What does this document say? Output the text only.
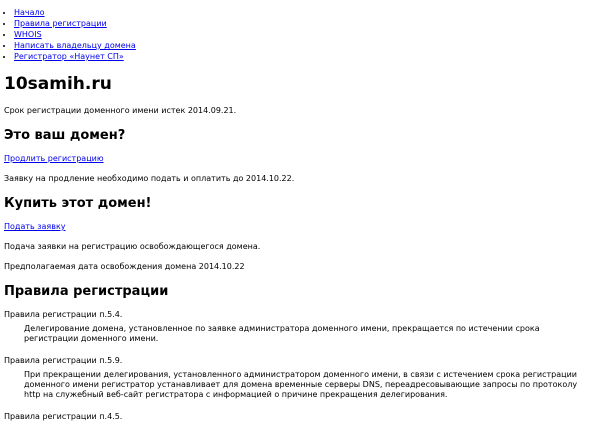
• Начало
• Правила регистрации
• WHOIS
• Написать владельцу домена
• Регистратор «Наунет СП»
10samih.ru

Срок регистрации доменного имени истек 2014.09.21.

Это ваш домен?

Продлить регистрацию

Заявку на продление необходимо подать и оплатить до 2014.10.22.

Купить этот домен!

Подать заявку

Подача заявки на регистрацию освобождающегося домена.

Предполагаемая дата освобождения домена 2014.10.22

Правила регистрации

Правила регистрации п.5.4.

Делегирование домена, установленное по заявке администратора доменного имени, прекращается по истечении срока регистрации доменного имени.

Правила регистрации п.5.9.

При прекращении делегирования, установленного администратором доменного имени, в связи с истечением срока регистрации доменного имени регистратор устанавливает для домена временные серверы DNS, переадресовывающие запросы по протоколу http на служебный веб-сайт регистратора с информацией о причине прекращения делегирования.

Правила регистрации п.4.5.
